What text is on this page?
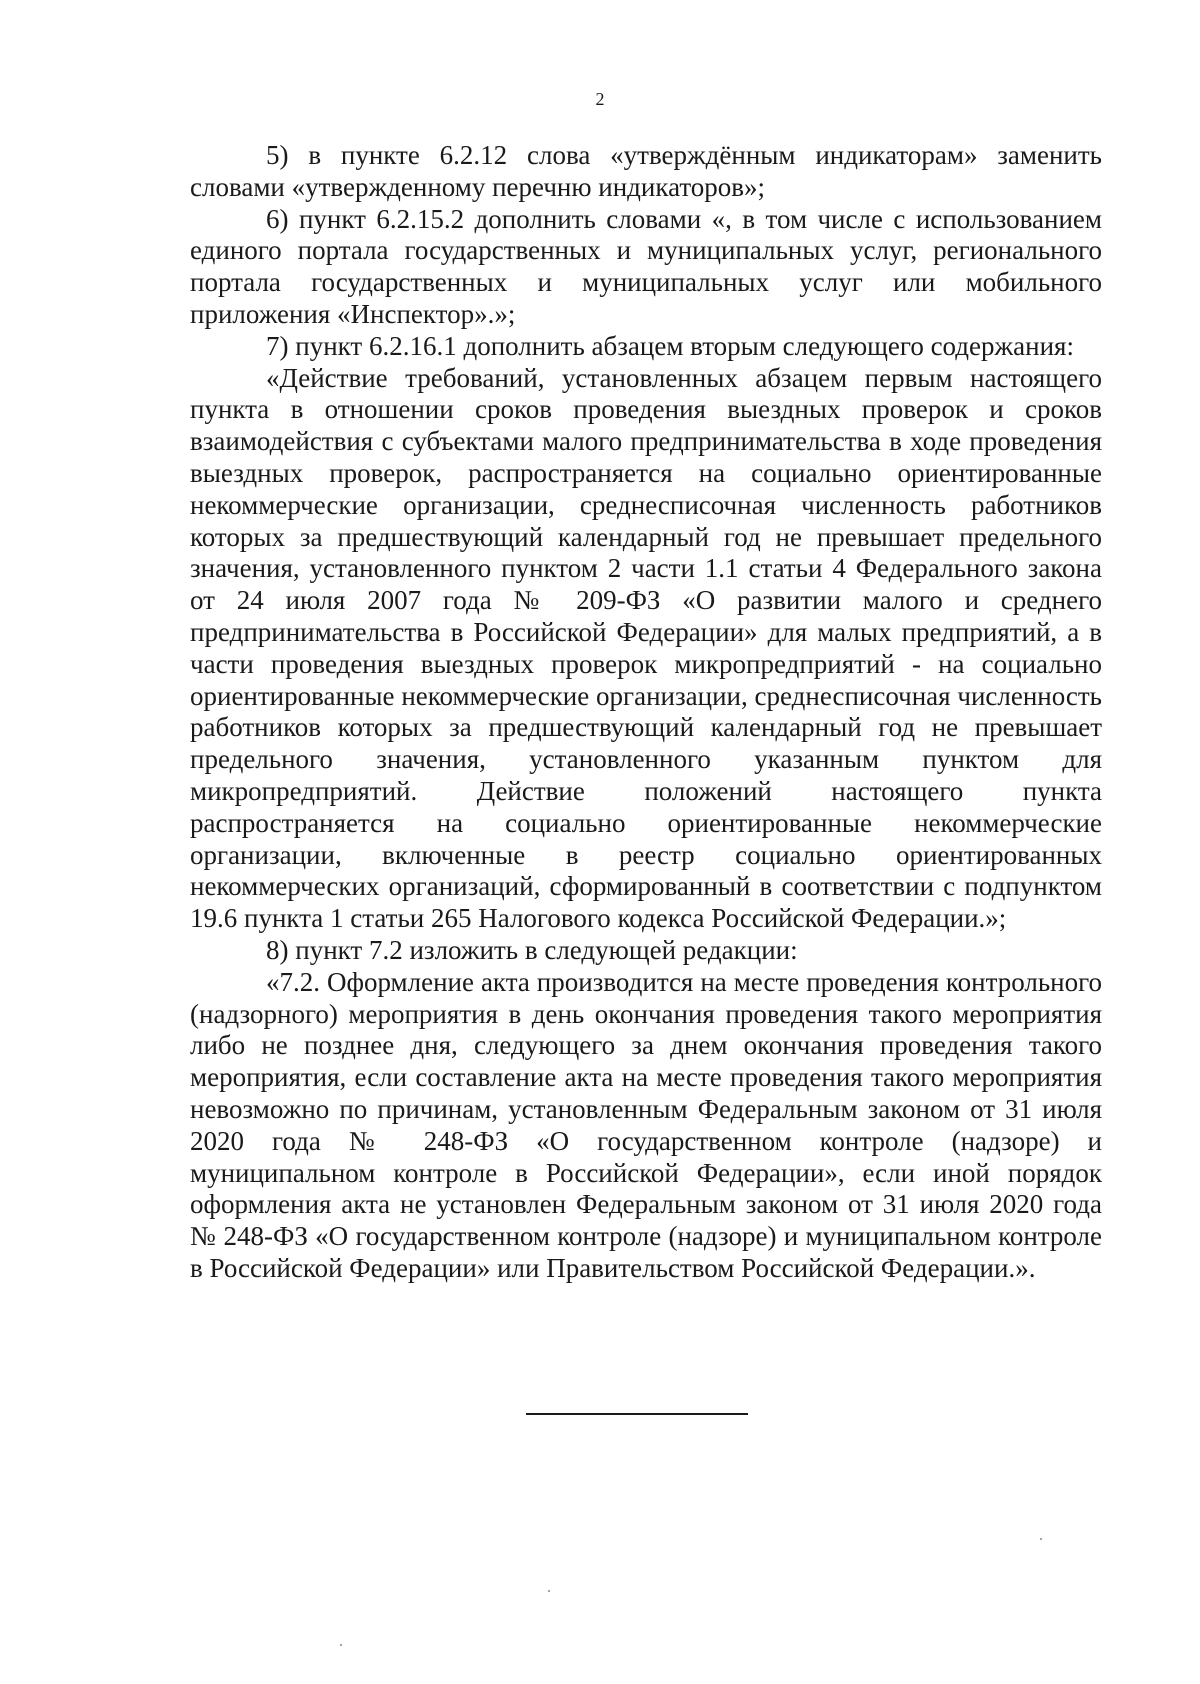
2

5) в пункте 6.2.12 слова «утверждённым индикаторам» заменить словами «утвержденному перечню индикаторов»;

6) пункт 6.2.15.2 дополнить словами «, в том числе с использованием единого портала государственных и муниципальных услуг, регионального портала государственных и муниципальных услуг или мобильного приложения «Инспектор».»;

7) пункт 6.2.16.1 дополнить абзацем вторым следующего содержания:

«Действие требований, установленных абзацем первым настоящего пункта в отношении сроков проведения выездных проверок и сроков взаимодействия с субъектами малого предпринимательства в ходе проведения выездных проверок, распространяется на социально ориентированные некоммерческие организации, среднесписочная численность работников которых за предшествующий календарный год не превышает предельного значения, установленного пунктом 2 части 1.1 статьи 4 Федерального закона от 24 июля 2007 года № 209-ФЗ «О развитии малого и среднего предпринимательства в Российской Федерации» для малых предприятий, а в части проведения выездных проверок микропредприятий - на социально ориентированные некоммерческие организации, среднесписочная численность работников которых за предшествующий календарный год не превышает предельного значения, установленного указанным пунктом для микропредприятий. Действие положений настоящего пункта распространяется на социально ориентированные некоммерческие организации, включенные в реестр социально ориентированных некоммерческих организаций, сформированный в соответствии с подпунктом 19.6 пункта 1 статьи 265 Налогового кодекса Российской Федерации.»;

8) пункт 7.2 изложить в следующей редакции:

«7.2. Оформление акта производится на месте проведения контрольного (надзорного) мероприятия в день окончания проведения такого мероприятия либо не позднее дня, следующего за днем окончания проведения такого мероприятия, если составление акта на месте проведения такого мероприятия невозможно по причинам, установленным Федеральным законом от 31 июля 2020 года № 248-ФЗ «О государственном контроле (надзоре) и муниципальном контроле в Российской Федерации», если иной порядок оформления акта не установлен Федеральным законом от 31 июля 2020 года № 248-ФЗ «О государственном контроле (надзоре) и муниципальном контроле в Российской Федерации» или Правительством Российской Федерации.».
